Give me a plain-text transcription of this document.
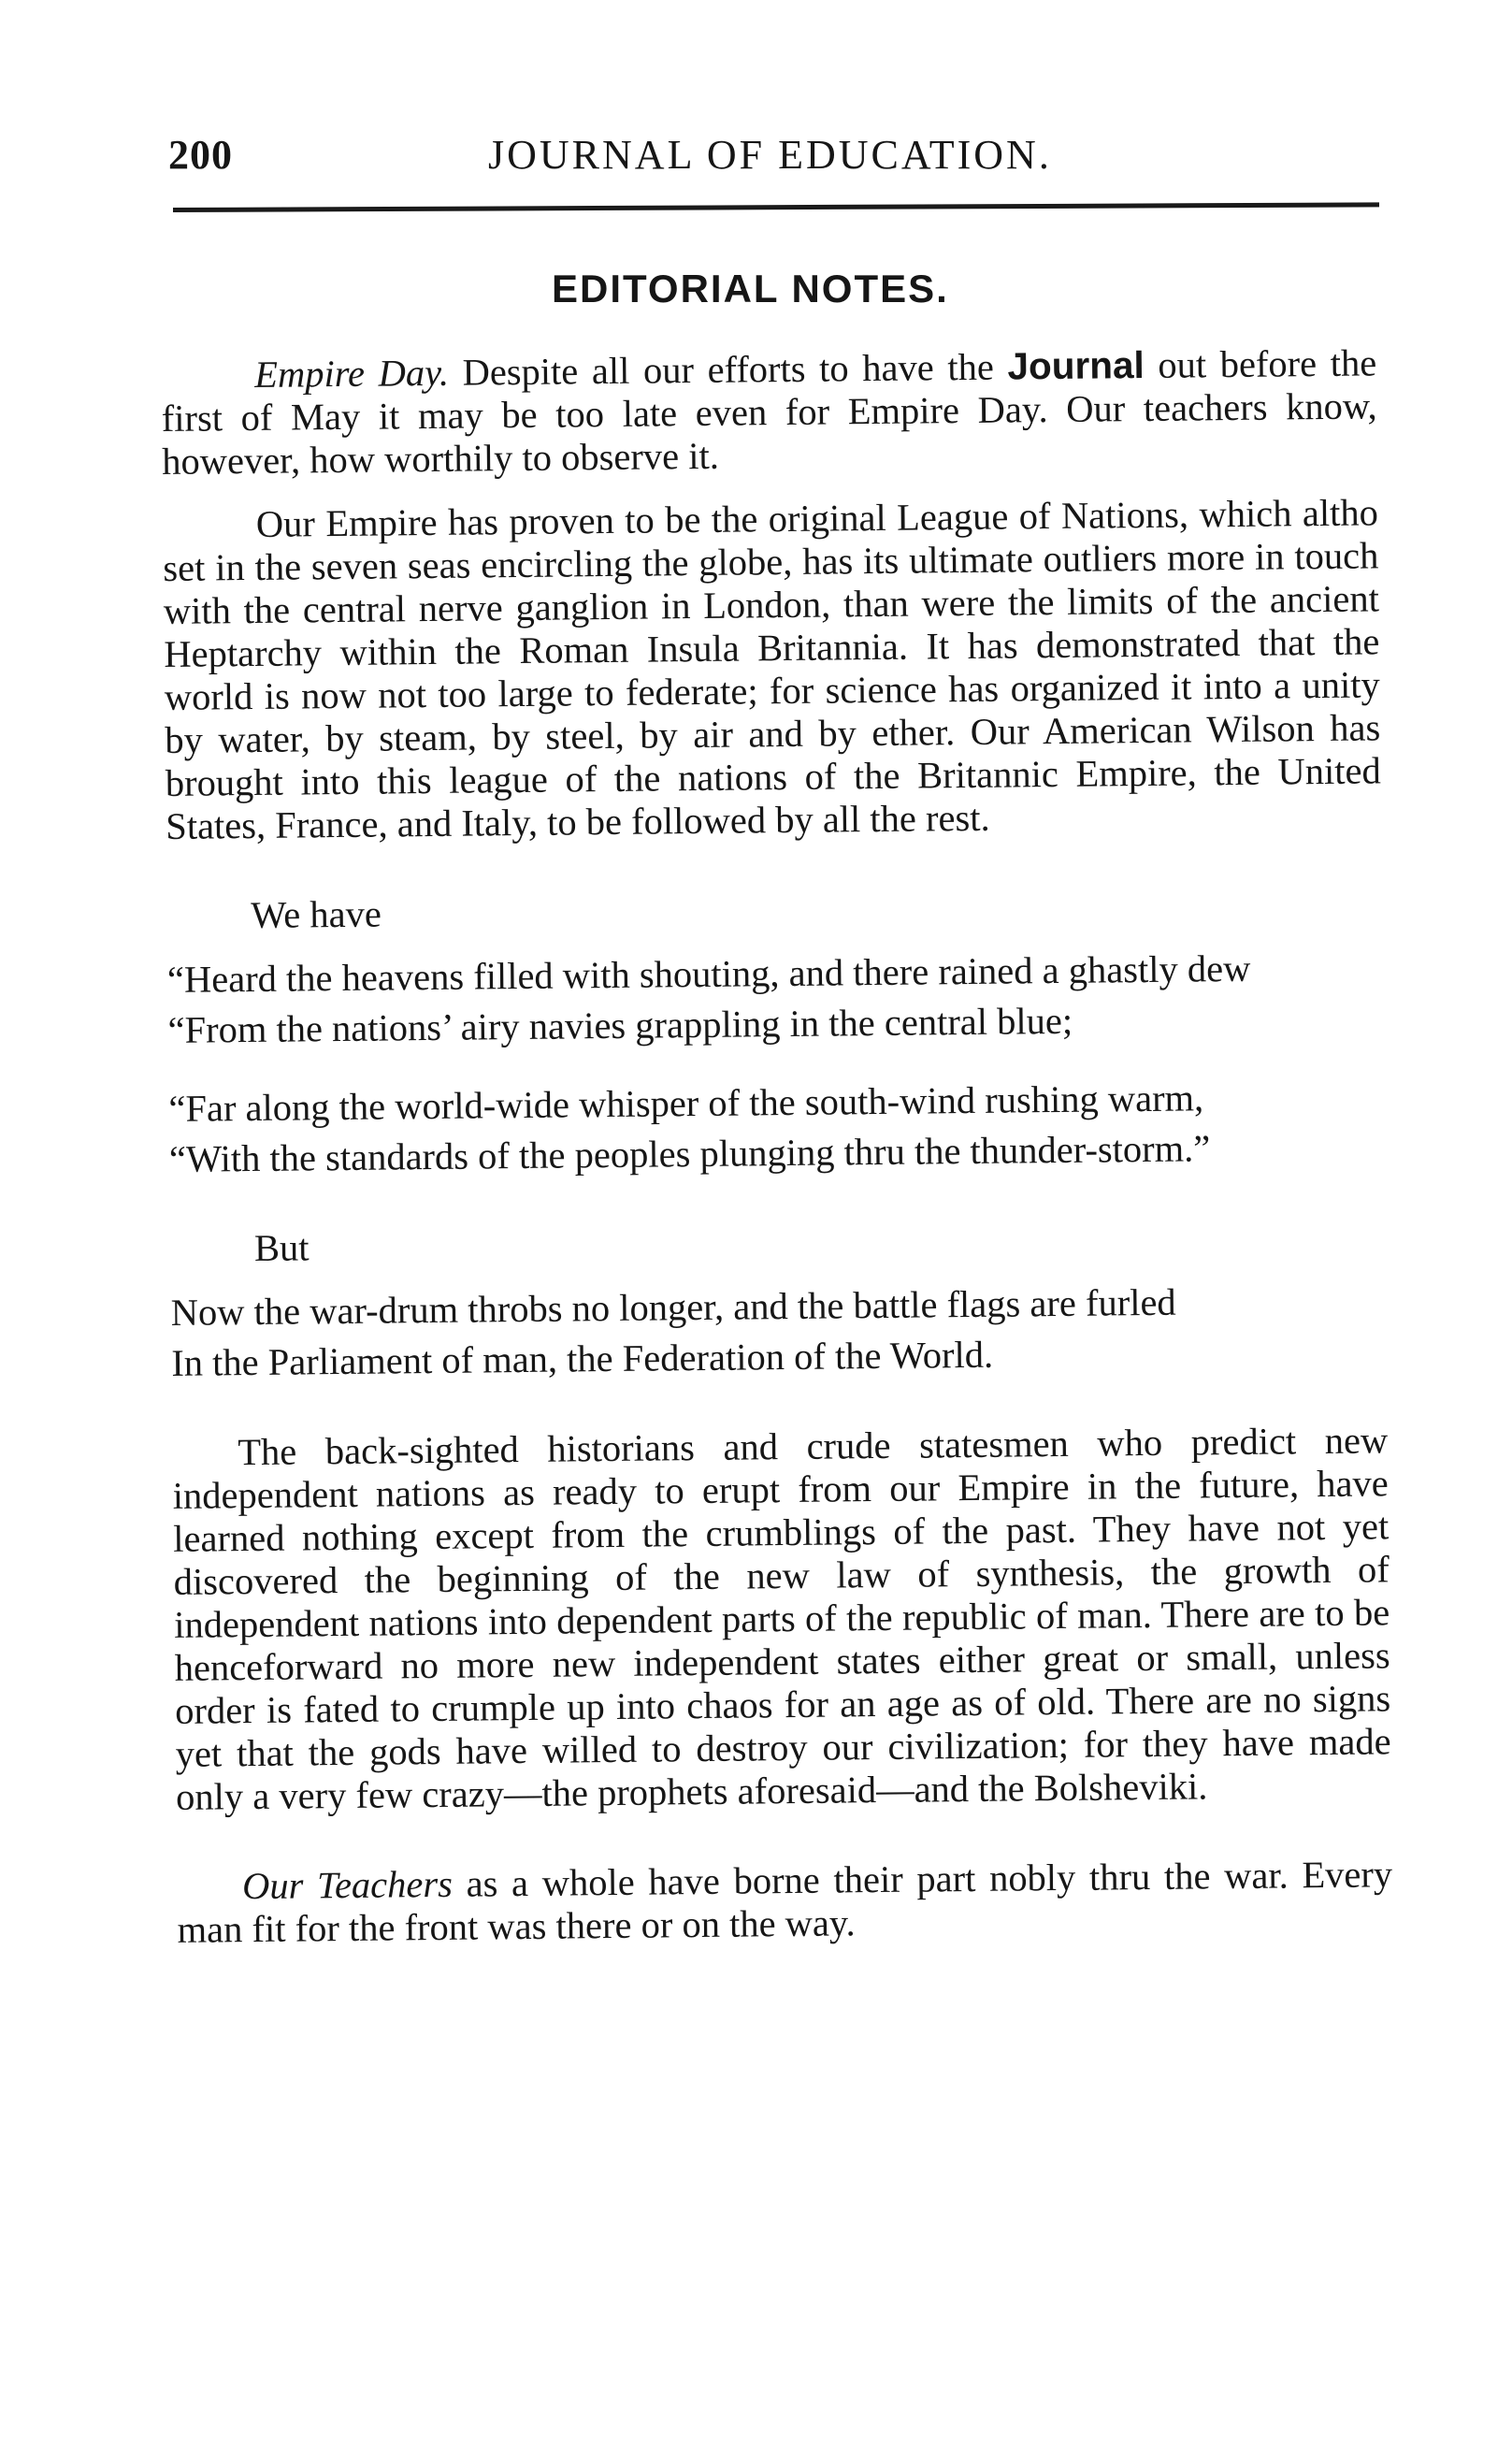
200	JOURNAL OF EDUCATION.
EDITORIAL NOTES.

Empire Day. Despite all our efforts to have the Journal out before the first of May it may be too late even for Empire Day. Our teachers know, however, how worthily to observe it.

Our Empire has proven to be the original League of Nations, which altho set in the seven seas encircling the globe, has its ultimate outliers more in touch with the central nerve ganglion in London, than were the limits of the ancient Heptarchy within the Roman Insula Britannia. It has demonstrated that the world is now not too large to federate; for science has organized it into a unity by water, by steam, by steel, by air and by ether. Our American Wilson has brought into this league of the nations of the Britannic Empire, the United States, France, and Italy, to be followed by all the rest.

We have

“Heard the heavens filled with shouting, and there rained a ghastly dew

“From the nations’ airy navies grappling in the central blue;

“Far along the world-wide whisper of the south-wind rushing warm,

“With the standards of the peoples plunging thru the thunder-storm.”

But

Now the war-drum throbs no longer, and the battle flags are furled

In the Parliament of man, the Federation of the World.

The back-sighted historians and crude statesmen who predict new independent nations as ready to erupt from our Empire in the future, have learned nothing except from the crumblings of the past. They have not yet discovered the beginning of the new law of synthesis, the growth of independent nations into dependent parts of the republic of man. There are to be henceforward no more new independent states either great or small, unless order is fated to crumple up into chaos for an age as of old. There are no signs yet that the gods have willed to destroy our civilization; for they have made only a very few crazy—the prophets aforesaid—and the Bolsheviki.

Our Teachers as a whole have borne their part nobly thru the war. Every man fit for the front was there or on the way.
